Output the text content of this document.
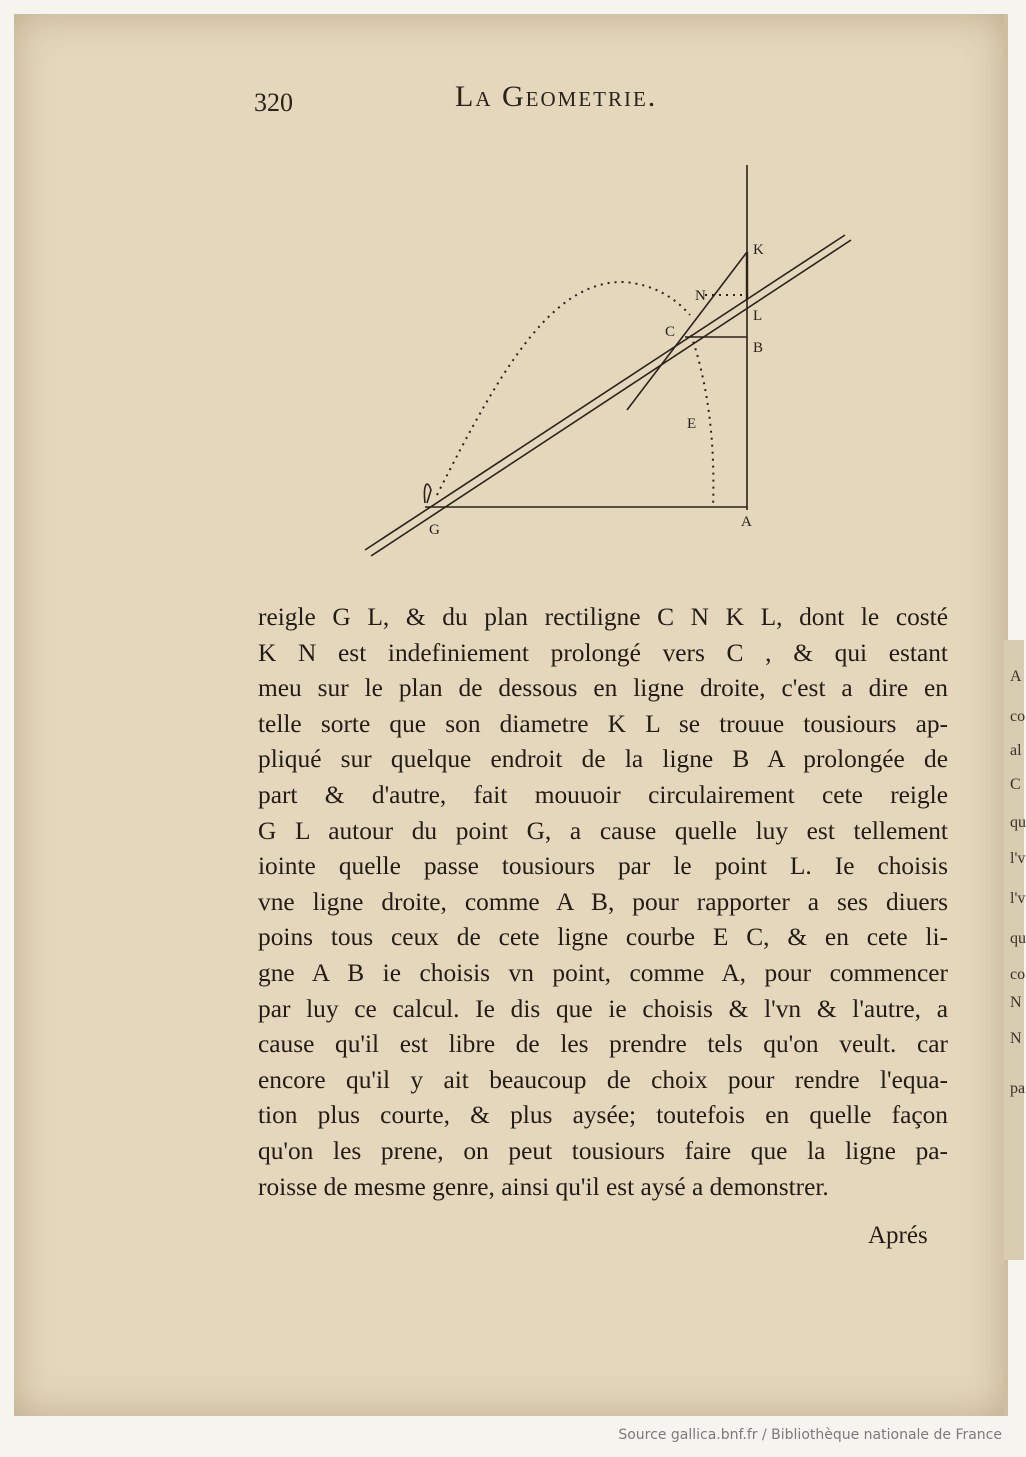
A
co
al
C
qu
l'v
l'v
qu
co
N
N
pa
320	La Geometrie.
K
N
L
C
B
E
G	A
reigle G L, & du plan rectiligne C N K L, dont le costé
K N est indefiniement prolongé vers C , & qui estant
meu sur le plan de dessous en ligne droite, c'est a dire en
telle sorte que son diametre K L se trouue tousiours ap-
pliqué sur quelque endroit de la ligne B A prolongée de
part & d'autre, fait mouuoir circulairement cete reigle
G L autour du point G, a cause quelle luy est tellement
iointe quelle passe tousiours par le point L. Ie choisis
vne ligne droite, comme A B, pour rapporter a ses diuers
poins tous ceux de cete ligne courbe E C, & en cete li-
gne A B ie choisis vn point, comme A, pour commencer
par luy ce calcul. Ie dis que ie choisis & l'vn & l'autre, a
cause qu'il est libre de les prendre tels qu'on veult. car
encore qu'il y ait beaucoup de choix pour rendre l'equa-
tion plus courte, & plus aysée; toutefois en quelle façon
qu'on les prene, on peut tousiours faire que la ligne pa-
roisse de mesme genre, ainsi qu'il est aysé a demonstrer.
Aprés
Source gallica.bnf.fr / Bibliothèque nationale de France
